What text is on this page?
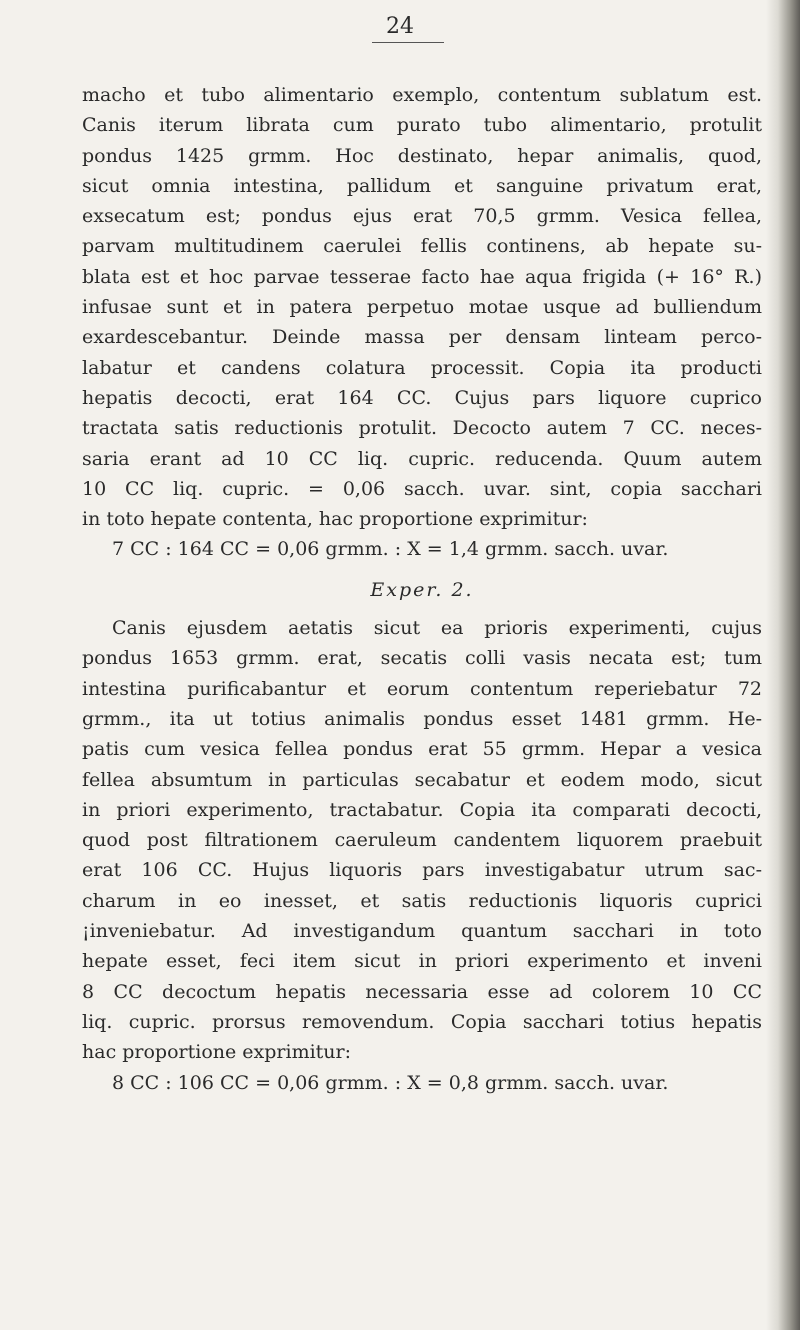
24
macho et tubo alimentario exemplo, contentum sublatum est.
Canis iterum librata cum purato tubo alimentario, protulit
pondus 1425 grmm. Hoc destinato, hepar animalis, quod,
sicut omnia intestina, pallidum et sanguine privatum erat,
exsecatum est; pondus ejus erat 70,5 grmm. Vesica fellea,
parvam multitudinem caerulei fellis continens, ab hepate su-
blata est et hoc parvae tesserae facto hae aqua frigida (+ 16° R.)
infusae sunt et in patera perpetuo motae usque ad bulliendum
exardescebantur. Deinde massa per densam linteam perco-
labatur et candens colatura processit. Copia ita producti
hepatis decocti, erat 164 CC. Cujus pars liquore cuprico
tractata satis reductionis protulit. Decocto autem 7 CC. neces-
saria erant ad 10 CC liq. cupric. reducenda. Quum autem
10 CC liq. cupric. = 0,06 sacch. uvar. sint, copia sacchari
in toto hepate contenta, hac proportione exprimitur:
7 CC : 164 CC = 0,06 grmm. : X = 1,4 grmm. sacch. uvar.
Exper. 2.
Canis ejusdem aetatis sicut ea prioris experimenti, cujus
pondus 1653 grmm. erat, secatis colli vasis necata est; tum
intestina purificabantur et eorum contentum reperiebatur 72
grmm., ita ut totius animalis pondus esset 1481 grmm. He-
patis cum vesica fellea pondus erat 55 grmm. Hepar a vesica
fellea absumtum in particulas secabatur et eodem modo, sicut
in priori experimento, tractabatur. Copia ita comparati decocti,
quod post filtrationem caeruleum candentem liquorem praebuit
erat 106 CC. Hujus liquoris pars investigabatur utrum sac-
charum in eo inesset, et satis reductionis liquoris cuprici
¡inveniebatur. Ad investigandum quantum sacchari in toto
hepate esset, feci item sicut in priori experimento et inveni
8 CC decoctum hepatis necessaria esse ad colorem 10 CC
liq. cupric. prorsus removendum. Copia sacchari totius hepatis
hac proportione exprimitur:
8 CC : 106 CC = 0,06 grmm. : X = 0,8 grmm. sacch. uvar.
